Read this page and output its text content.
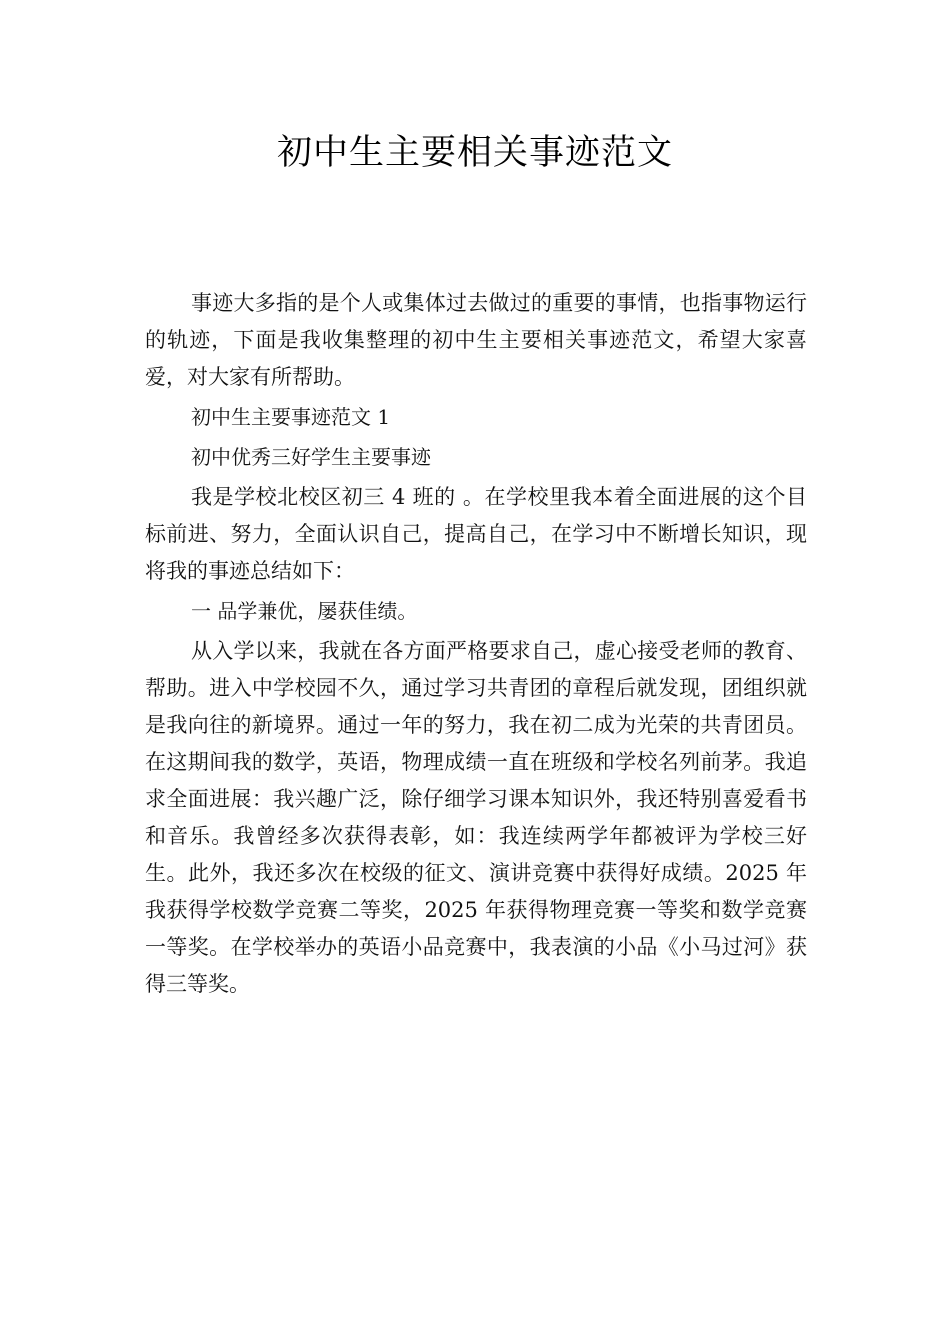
初中生主要相关事迹范文

事迹大多指的是个人或集体过去做过的重要的事情，也指事物运行的轨迹，下面是我收集整理的初中生主要相关事迹范文，希望大家喜爱，对大家有所帮助。

初中生主要事迹范文 1

初中优秀三好学生主要事迹

我是学校北校区初三 4 班的 。在学校里我本着全面进展的这个目标前进、努力，全面认识自己，提高自己，在学习中不断增长知识，现将我的事迹总结如下：

一 品学兼优，屡获佳绩。

从入学以来，我就在各方面严格要求自己，虚心接受老师的教育、帮助。进入中学校园不久，通过学习共青团的章程后就发现，团组织就是我向往的新境界。通过一年的努力，我在初二成为光荣的共青团员。在这期间我的数学，英语，物理成绩一直在班级和学校名列前茅。我追求全面进展：我兴趣广泛，除仔细学习课本知识外，我还特别喜爱看书和音乐。我曾经多次获得表彰，如：我连续两学年都被评为学校三好生。此外，我还多次在校级的征文、演讲竞赛中获得好成绩。2025 年我获得学校数学竞赛二等奖，2025 年获得物理竞赛一等奖和数学竞赛一等奖。在学校举办的英语小品竞赛中，我表演的小品《小马过河》获得三等奖。
